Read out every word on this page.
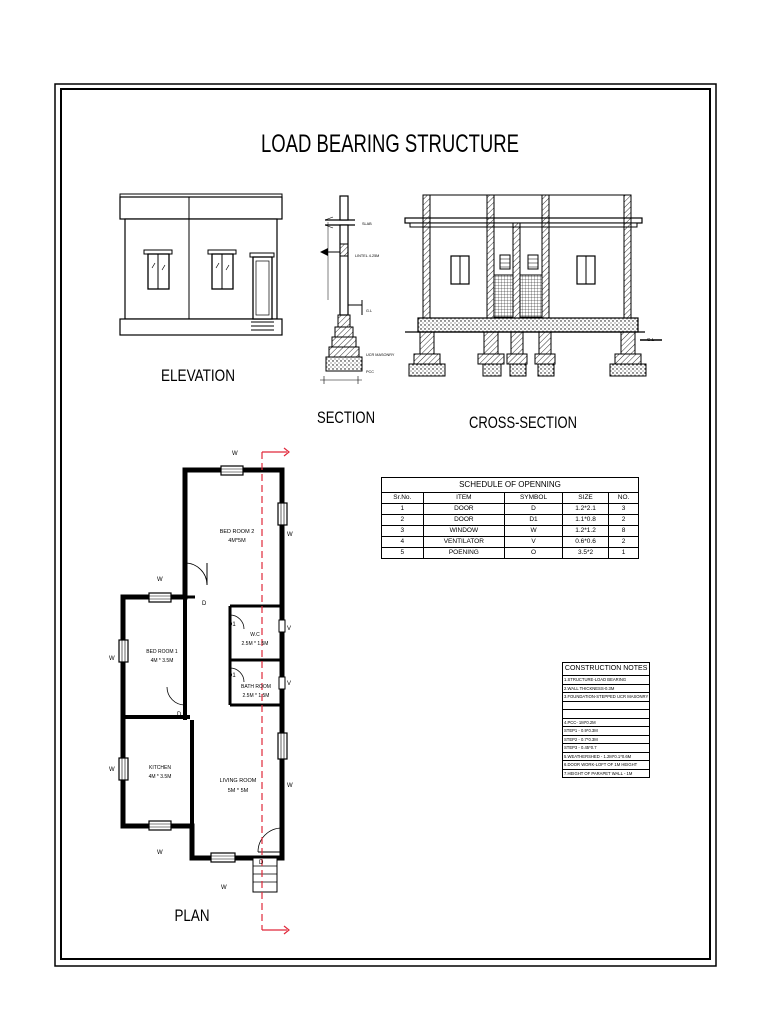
LOAD BEARING STRUCTURE
ELEVATION
SLAB
LINTEL 4.25M
G.L
UCR MASONRY
PCC
SECTION
G.L
CROSS-SECTION
BED ROOM 2
4M*5M
BED ROOM 1
4M * 3.5M
W.C
2.5M * 1.5M
BATH ROOM
2.5M * 1.5M
KITCHEN
4M * 3.5M
LIVING ROOM
5M * 5M
W
W
W
W
W
W
W
W
D
D
D
D1
D1
V
V
PLAN
SCHEDULE OF OPENNING
Sr.No.	ITEM	SYMBOL	SIZE	NO.
1	DOOR	D	1.2*2.1	3
2	DOOR	D1	1.1*0.8	2
3	WINDOW	W	1.2*1.2	8
4	VENTILATOR	V	0.6*0.6	2
5	POENING	O	3.5*2	1
CONSTRUCTION NOTES
1.STRUCTURE-LOAD BEARING
2.WALL THICKNESS-0.3M
3.FOUNDATION-STEPPED UCR MASONRY

4.PCC- 1M*0.2M
STEP1 - 0.9*0.3M
STEP2 - 0.7*0.3M
STEP3 - 0.45*0.7
5.WEATHERSHED - 1.2M*0.1*0.6M
6.DOOR WORK-LOFT OF 1M HEIGHT
7.HEIGHT OF PARAPET WALL - 1M
